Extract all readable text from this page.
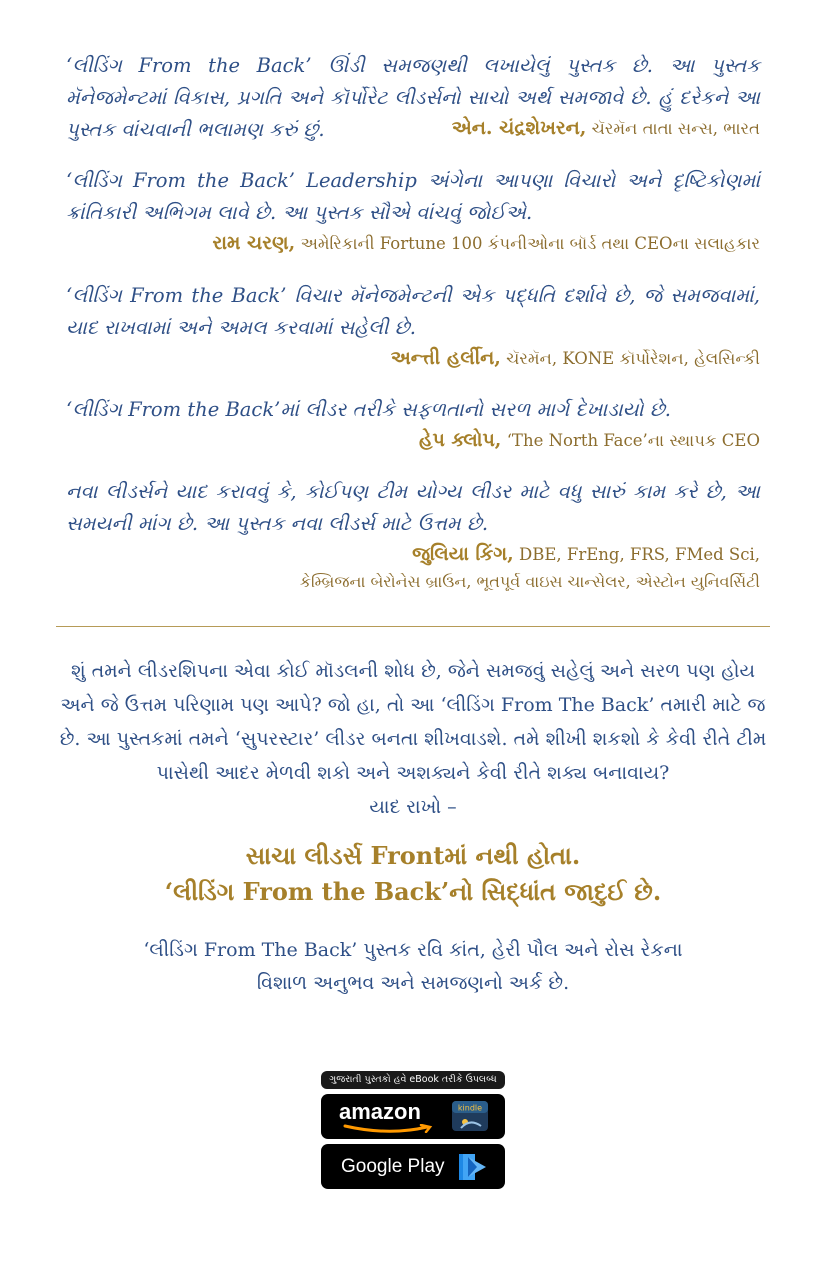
‘લીડિંગ From the Back’ ઊંડી સમજણથી લખાયેલું પુસ્તક છે. આ પુસ્તક મૅનેજમેન્ટમાં વિકાસ, પ્રગતિ અને કૉર્પોરેટ લીડર્સનો સાચો અર્થ સમજાવે છે. હું દરેકને આ પુસ્તક વાંચવાની ભલામણ કરું છું.	એન. ચંદ્રશેખરન, ચૅરમૅન તાતા સન્સ, ભારત
‘લીડિંગ From the Back’ Leadership અંગેના આપણા વિચારો અને દૃષ્ટિકોણમાં ક્રાંતિકારી અભિગમ લાવે છે. આ પુસ્તક સૌએ વાંચવું જોઈએ.
રામ ચરણ, અમેરિકાની Fortune 100 કંપનીઓના બૉર્ડ તથા CEOના સલાહકાર
‘લીડિંગ From the Back’ વિચાર મૅનેજમેન્ટની એક પદ્ધતિ દર્શાવે છે, જે સમજવામાં, યાદ રાખવામાં અને અમલ કરવામાં સહેલી છે.
અન્ત્તી હર્લીન, ચૅરમૅન, KONE કૉર્પોરેશન, હેલસિન્કી
‘લીડિંગ From the Back’માં લીડર તરીકે સફળતાનો સરળ માર્ગ દેખાડાયો છે.
હેપ ક્લોપ, ‘The North Face’ના સ્થાપક CEO
નવા લીડર્સને યાદ કરાવવું કે, કોઈપણ ટીમ યોગ્ય લીડર માટે વધુ સારું કામ કરે છે, આ સમયની માંગ છે. આ પુસ્તક નવા લીડર્સ માટે ઉત્તમ છે.
જુલિયા કિંગ, DBE, FrEng, FRS, FMed Sci,
કેમ્બ્રિજના બેરોનેસ બ્રાઉન, ભૂતપૂર્વ વાઇસ ચાન્સેલર, એસ્ટોન યુનિવર્સિટી
શું તમને લીડરશિપના એવા કોઈ મૉડલની શોધ છે, જેને સમજવું સહેલું અને સરળ પણ હોય અને જે ઉત્તમ પરિણામ પણ આપે? જો હા, તો આ ‘લીડિંગ From The Back’ તમારી માટે જ છે. આ પુસ્તકમાં તમને ‘સુપરસ્ટાર’ લીડર બનતા શીખવાડશે. તમે શીખી શકશો કે કેવી રીતે ટીમ પાસેથી આદર મેળવી શકો અને અશક્યને કેવી રીતે શક્ય બનાવાય?
યાદ રાખો –
સાચા લીડર્સ Frontમાં નથી હોતા.
‘લીડિંગ From the Back’નો સિદ્ધાંત જાદુઈ છે.
‘લીડિંગ From The Back’ પુસ્તક રવિ કાંત, હેરી પૌલ અને રોસ રેકના
વિશાળ અનુભવ અને સમજણનો અર્ક છે.
ગુજરાતી પુસ્તકો હવે eBook તરીકે ઉપલબ્ધ
amazon	kindle
Google Play
